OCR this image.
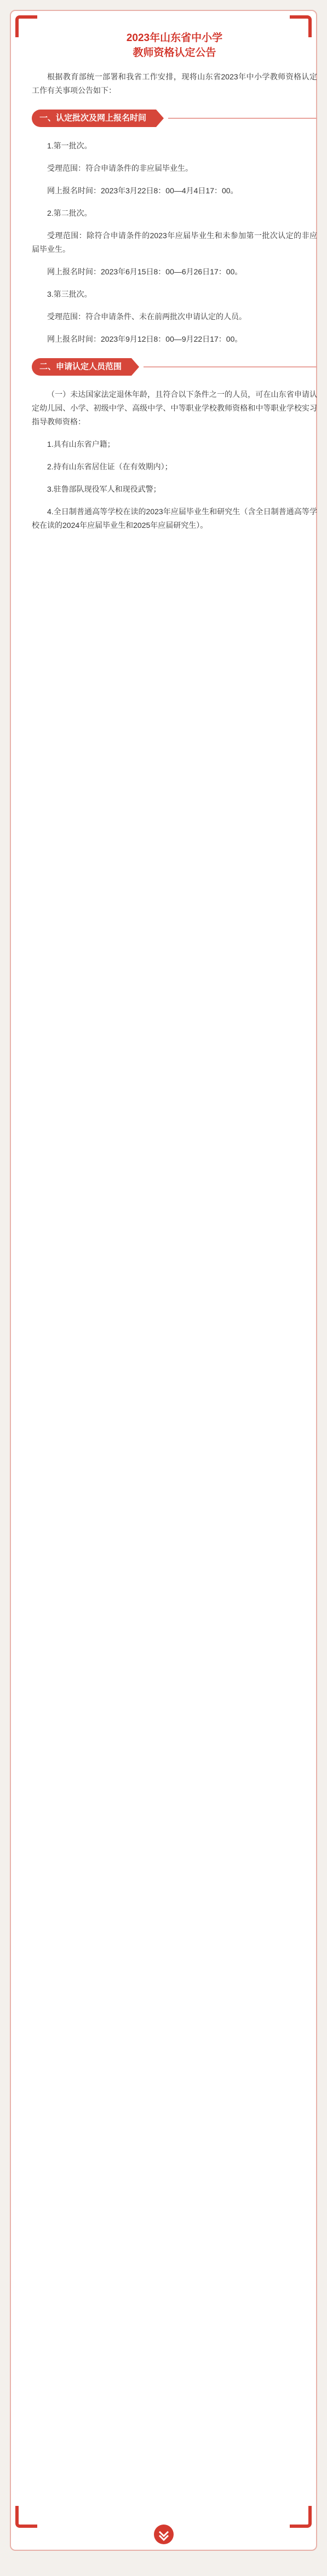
2023年山东省中小学
教师资格认定公告

根据教育部统一部署和我省工作安排，现将山东省2023年中小学教师资格认定工作有关事项公告如下：

一、认定批次及网上报名时间

1.第一批次。

受理范围：符合申请条件的非应届毕业生。

网上报名时间：2023年3月22日8：00—4月4日17：00。

2.第二批次。

受理范围：除符合申请条件的2023年应届毕业生和未参加第一批次认定的非应届毕业生。

网上报名时间：2023年6月15日8：00—6月26日17：00。

3.第三批次。

受理范围：符合申请条件、未在前两批次申请认定的人员。

网上报名时间：2023年9月12日8：00—9月22日17：00。

二、申请认定人员范围

（一）未达国家法定退休年龄，且符合以下条件之一的人员，可在山东省申请认定幼儿园、小学、初级中学、高级中学、中等职业学校教师资格和中等职业学校实习指导教师资格：

1.具有山东省户籍；

2.持有山东省居住证（在有效期内）；

3.驻鲁部队现役军人和现役武警；

4.全日制普通高等学校在读的2023年应届毕业生和研究生（含全日制普通高等学校在读的2024年应届毕业生和2025年应届研究生）。
